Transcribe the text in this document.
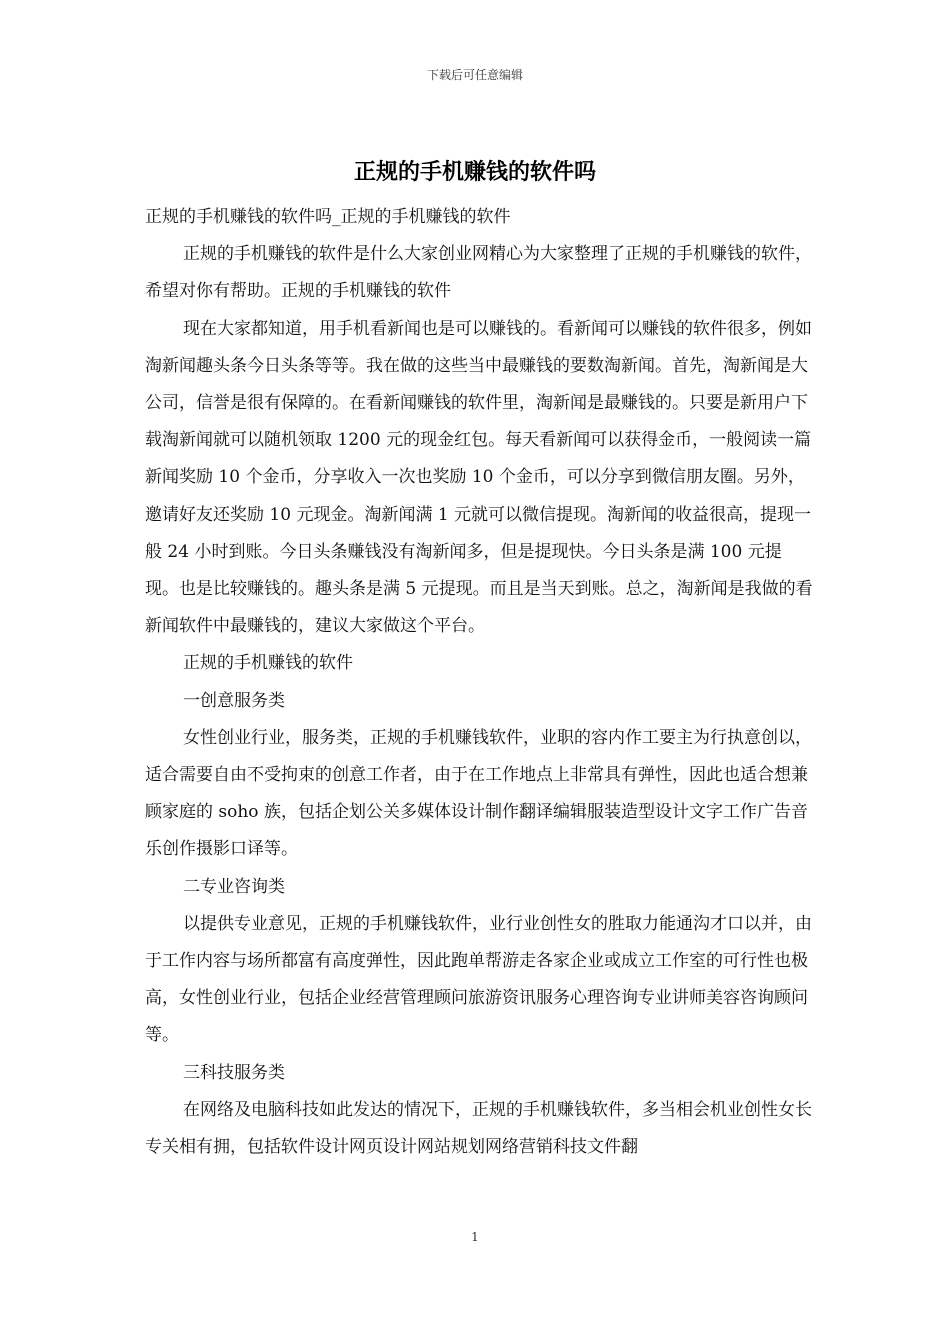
下载后可任意编辑
正规的手机赚钱的软件吗

正规的手机赚钱的软件吗_正规的手机赚钱的软件

正规的手机赚钱的软件是什么大家创业网精心为大家整理了正规的手机赚钱的软件，希望对你有帮助。正规的手机赚钱的软件

现在大家都知道，用手机看新闻也是可以赚钱的。看新闻可以赚钱的软件很多，例如淘新闻趣头条今日头条等等。我在做的这些当中最赚钱的要数淘新闻。首先，淘新闻是大公司，信誉是很有保障的。在看新闻赚钱的软件里，淘新闻是最赚钱的。只要是新用户下载淘新闻就可以随机领取 1200 元的现金红包。每天看新闻可以获得金币，一般阅读一篇新闻奖励 10 个金币，分享收入一次也奖励 10 个金币，可以分享到微信朋友圈。另外，邀请好友还奖励 10 元现金。淘新闻满 1 元就可以微信提现。淘新闻的收益很高，提现一般 24 小时到账。今日头条赚钱没有淘新闻多，但是提现快。今日头条是满 100 元提现。也是比较赚钱的。趣头条是满 5 元提现。而且是当天到账。总之，淘新闻是我做的看新闻软件中最赚钱的，建议大家做这个平台。

正规的手机赚钱的软件

一创意服务类

女性创业行业，服务类，正规的手机赚钱软件，业职的容内作工要主为行执意创以，适合需要自由不受拘束的创意工作者，由于在工作地点上非常具有弹性，因此也适合想兼顾家庭的 soho 族，包括企划公关多媒体设计制作翻译编辑服装造型设计文字工作广告音乐创作摄影口译等。

二专业咨询类

以提供专业意见，正规的手机赚钱软件，业行业创性女的胜取力能通沟才口以并，由于工作内容与场所都富有高度弹性，因此跑单帮游走各家企业或成立工作室的可行性也极高，女性创业行业，包括企业经营管理顾问旅游资讯服务心理咨询专业讲师美容咨询顾问等。

三科技服务类

在网络及电脑科技如此发达的情况下，正规的手机赚钱软件，多当相会机业创性女长专关相有拥，包括软件设计网页设计网站规划网络营销科技文件翻

1
